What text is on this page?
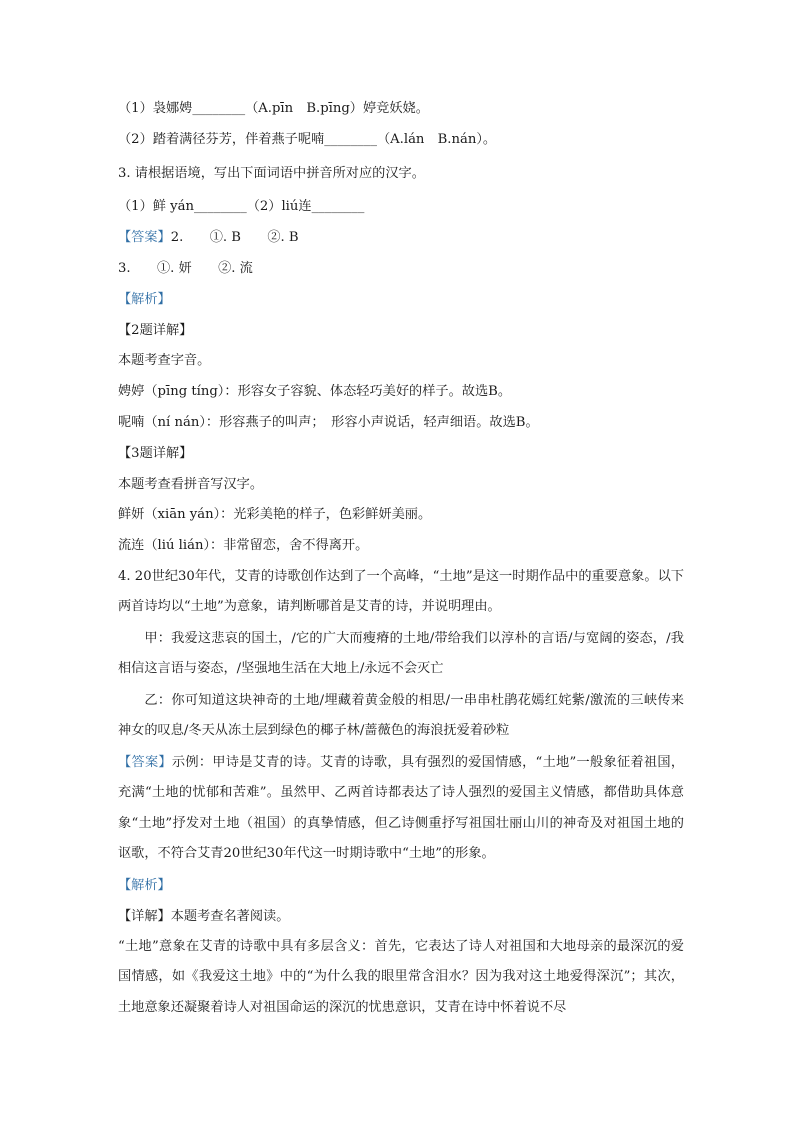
（1）袅娜娉________（A.pīn　B.pīng）婷竞妖娆。
（2）踏着满径芬芳，伴着燕子呢喃________（A.lán　B.nán）。
3. 请根据语境，写出下面词语中拼音所对应的汉字。
（1）鲜 yán________（2）liú连________
【答案】2.　　①. B　　②. B
3.　　①. 妍　　②. 流
【解析】
【2题详解】
本题考查字音。
娉婷（pīng tíng）：形容女子容貌、体态轻巧美好的样子。故选B。
呢喃（ní nán）：形容燕子的叫声；　形容小声说话，轻声细语。故选B。
【3题详解】
本题考查看拼音写汉字。
鲜妍（xiān yán）：光彩美艳的样子，色彩鲜妍美丽。
流连（liú lián）：非常留恋，舍不得离开。
4. 20世纪30年代，艾青的诗歌创作达到了一个高峰，“土地”是这一时期作品中的重要意象。以下两首诗均以“土地”为意象，请判断哪首是艾青的诗，并说明理由。
甲：我爱这悲哀的国土，/它的广大而瘦瘠的土地/带给我们以淳朴的言语/与宽阔的姿态，/我相信这言语与姿态，/坚强地生活在大地上/永远不会灭亡
乙：你可知道这块神奇的土地/埋藏着黄金般的相思/一串串杜鹃花嫣红姹紫/激流的三峡传来神女的叹息/冬天从冻土层到绿色的椰子林/蔷薇色的海浪抚爱着砂粒
【答案】示例：甲诗是艾青的诗。艾青的诗歌，具有强烈的爱国情感，“土地”一般象征着祖国，充满“土地的忧郁和苦难”。虽然甲、乙两首诗都表达了诗人强烈的爱国主义情感，都借助具体意象“土地”抒发对土地（祖国）的真挚情感，但乙诗侧重抒写祖国壮丽山川的神奇及对祖国土地的讴歌，不符合艾青20世纪30年代这一时期诗歌中“土地”的形象。
【解析】
【详解】本题考查名著阅读。
“土地”意象在艾青的诗歌中具有多层含义：首先，它表达了诗人对祖国和大地母亲的最深沉的爱国情感，如《我爱这土地》中的“为什么我的眼里常含泪水？因为我对这土地爱得深沉”；其次，土地意象还凝聚着诗人对祖国命运的深沉的忧患意识，艾青在诗中怀着说不尽
